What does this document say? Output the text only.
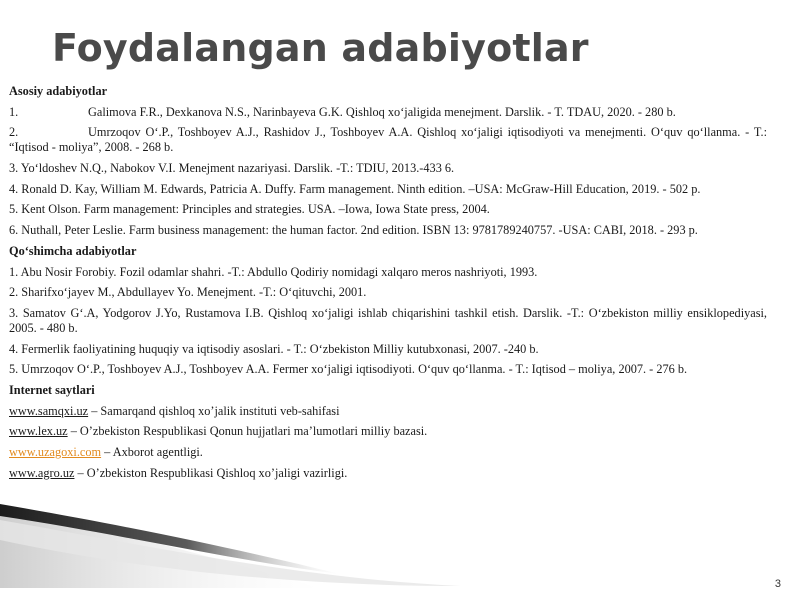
Foydalangan adabiyotlar

Asosiy adabiyotlar

1.	Galimova F.R., Dexkanova N.S., Narinbayeva G.K. Qishloq xo‘jaligida menejment. Darslik. - T. TDAU, 2020. - 280 b.

2.	Umrzoqov O‘.P., Toshboyev A.J., Rashidov J., Toshboyev A.A. Qishloq xo‘jaligi iqtisodiyoti va menejmenti. O‘quv qo‘llanma. - T.: “Iqtisod - moliya”, 2008. - 268 b.

3. Yo‘ldoshev N.Q., Nabokov V.I. Menejment nazariyasi. Darslik. -T.: TDIU, 2013.-433 6.

4. Ronald D. Kay, William M. Edwards, Patricia A. Duffy. Farm management. Ninth edition. –USA: McGraw-Hill Education, 2019. - 502 p.

5. Kent Olson. Farm management: Principles and strategies. USA. –Iowa, Iowa State press, 2004.

6. Nuthall, Peter Leslie. Farm business management: the human factor. 2nd edition. ISBN 13: 9781789240757. -USA: CABI, 2018. - 293 p.

Qo‘shimcha adabiyotlar

1. Abu Nosir Forobiy. Fozil odamlar shahri. -T.: Abdullo Qodiriy nomidagi xalqaro meros nashriyoti, 1993.

2. Sharifxo‘jayev M., Abdullayev Yo. Menejment. -T.: O‘qituvchi, 2001.

3. Samatov G‘.A, Yodgorov J.Yo, Rustamova I.B. Qishloq xo‘jaligi ishlab chiqarishini tashkil etish. Darslik. -T.: O‘zbekiston milliy ensiklopediyasi, 2005. - 480 b.

4. Fermerlik faoliyatining huquqiy va iqtisodiy asoslari. - T.: O‘zbekiston Milliy kutubxonasi, 2007. -240 b.

5. Umrzoqov O‘.P., Toshboyev A.J., Toshboyev A.A. Fermer xo‘jaligi iqtisodiyoti. O‘quv qo‘llanma. - T.: Iqtisod – moliya, 2007. - 276 b.

Internet saytlari

www.samqxi.uz – Samarqand qishloq xo’jalik instituti veb-sahifasi

www.lex.uz – O’zbekiston Respublikasi Qonun hujjatlari ma’lumotlari milliy bazasi.

www.uzagoxi.com – Axborot agentligi.

www.agro.uz – O’zbekiston Respublikasi Qishloq xo’jaligi vazirligi.

3
